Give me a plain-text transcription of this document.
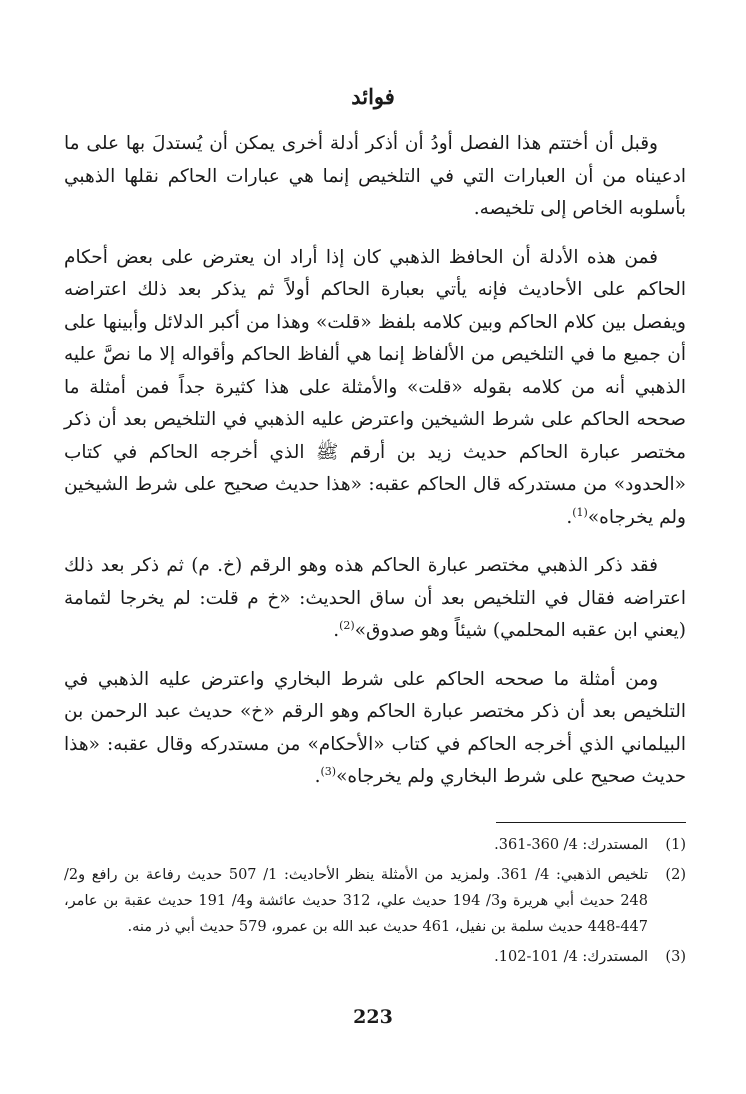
فوائد

وقبل أن أختتم هذا الفصل أودُ أن أذكر أدلة أخرى يمكن أن يُستدلَ بها على ما ادعيناه من أن العبارات التي في التلخيص إنما هي عبارات الحاكم نقلها الذهبي بأسلوبه الخاص إلى تلخيصه.

فمن هذه الأدلة أن الحافظ الذهبي كان إذا أراد ان يعترض على بعض أحكام الحاكم على الأحاديث فإنه يأتي بعبارة الحاكم أولاً ثم يذكر بعد ذلك اعتراضه ويفصل بين كلام الحاكم وبين كلامه بلفظ «قلت» وهذا من أكبر الدلائل وأبينها على أن جميع ما في التلخيص من الألفاظ إنما هي ألفاظ الحاكم وأقواله إلا ما نصَّ عليه الذهبي أنه من كلامه بقوله «قلت» والأمثلة على هذا كثيرة جداً فمن أمثلة ما صححه الحاكم على شرط الشيخين واعترض عليه الذهبي في التلخيص بعد أن ذكر مختصر عبارة الحاكم حديث زيد بن أرقم ﷺ الذي أخرجه الحاكم في كتاب «الحدود» من مستدركه قال الحاكم عقبه: «هذا حديث صحيح على شرط الشيخين ولم يخرجاه»$^{(1)}$.

فقد ذكر الذهبي مختصر عبارة الحاكم هذه وهو الرقم (خ. م) ثم ذكر بعد ذلك اعتراضه فقال في التلخيص بعد أن ساق الحديث: «خ م قلت: لم يخرجا لثمامة (يعني ابن عقبه المحلمي) شيئاً وهو صدوق»$^{(2)}$.

ومن أمثلة ما صححه الحاكم على شرط البخاري واعترض عليه الذهبي في التلخيص بعد أن ذكر مختصر عبارة الحاكم وهو الرقم «خ» حديث عبد الرحمن بن البيلماني الذي أخرجه الحاكم في كتاب «الأحكام» من مستدركه وقال عقبه: «هذا حديث صحيح على شرط البخاري ولم يخرجاه»$^{(3)}$.

(1)
المستدرك: 4/ 360-361.
(2)
تلخيص الذهبي: 4/ 361. ولمزيد من الأمثلة ينظر الأحاديث: 1/ 507 حديث رفاعة بن رافع و2/ 248 حديث أبي هريرة و3/ 194 حديث علي، 312 حديث عائشة و4/ 191 حديث عقبة بن عامر، 447-448 حديث سلمة بن نفيل، 461 حديث عبد الله بن عمرو، 579 حديث أبي ذر منه.
(3)
المستدرك: 4/ 101-102.
223
